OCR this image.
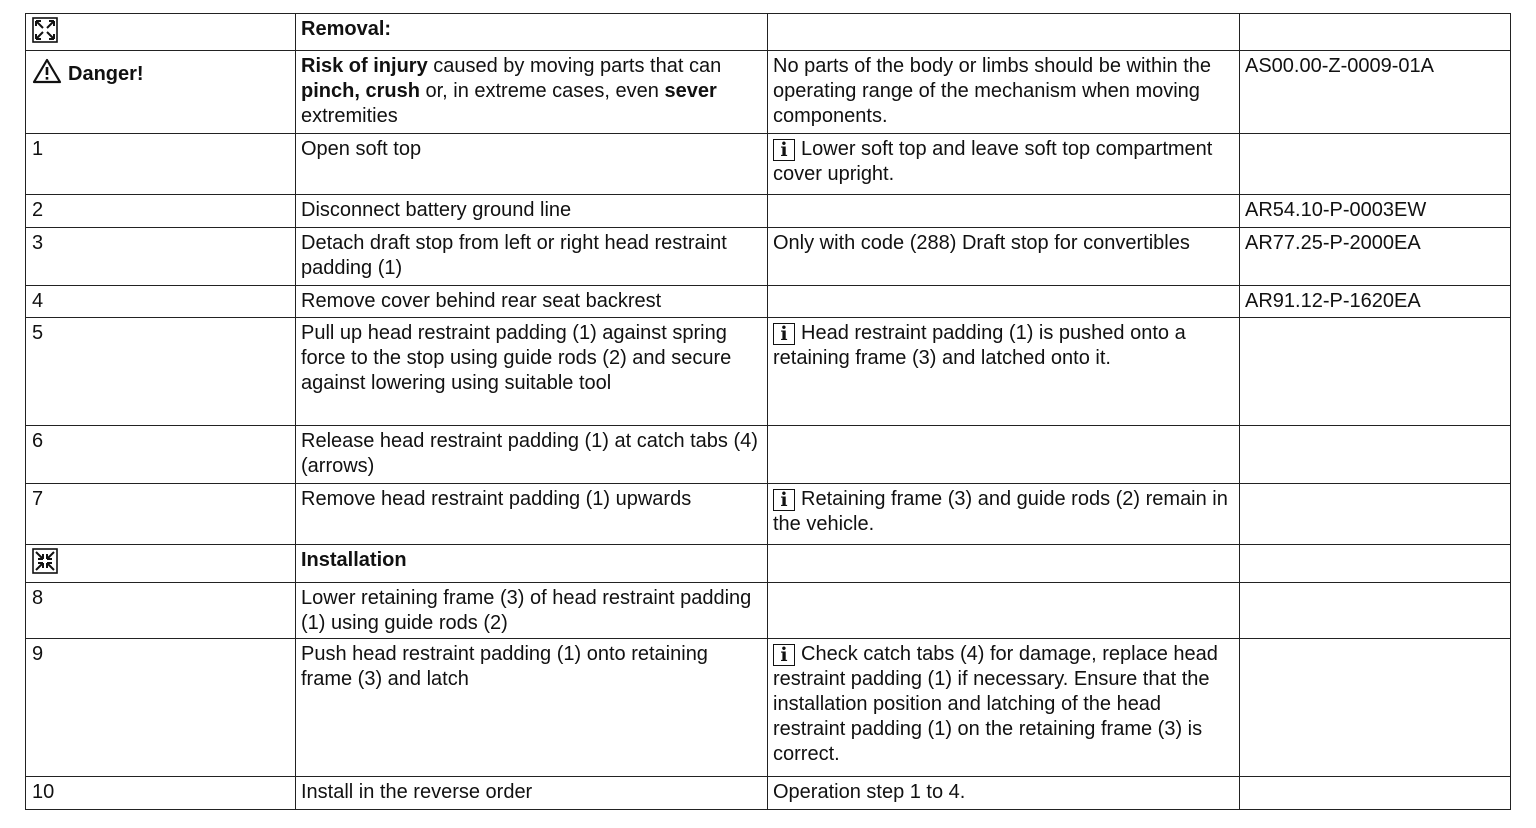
	Removal:		

Danger!	Risk of injury caused by moving parts that can pinch, crush or, in extreme cases, even sever extremities	No parts of the body or limbs should be within the operating range of the mechanism when moving components.	AS00.00-Z-0009-01A
1	Open soft top	i Lower soft top and leave soft top compartment cover upright.	
2	Disconnect battery ground line		AR54.10-P-0003EW
3	Detach draft stop from left or right head restraint padding (1)	Only with code (288) Draft stop for convertibles	AR77.25-P-2000EA
4	Remove cover behind rear seat backrest		AR91.12-P-1620EA
5	Pull up head restraint padding (1) against spring force to the stop using guide rods (2) and secure against lowering using suitable tool	i Head restraint padding (1) is pushed onto a retaining frame (3) and latched onto it.	
6	Release head restraint padding (1) at catch tabs (4) (arrows)		
7	Remove head restraint padding (1) upwards	i Retaining frame (3) and guide rods (2) remain in the vehicle.	
	Installation		
8	Lower retaining frame (3) of head restraint padding (1) using guide rods (2)		
9	Push head restraint padding (1) onto retaining frame (3) and latch	i Check catch tabs (4) for damage, replace head restraint padding (1) if necessary. Ensure that the installation position and latching of the head restraint padding (1) on the retaining frame (3) is correct.	
10	Install in the reverse order	Operation step 1 to 4.	
